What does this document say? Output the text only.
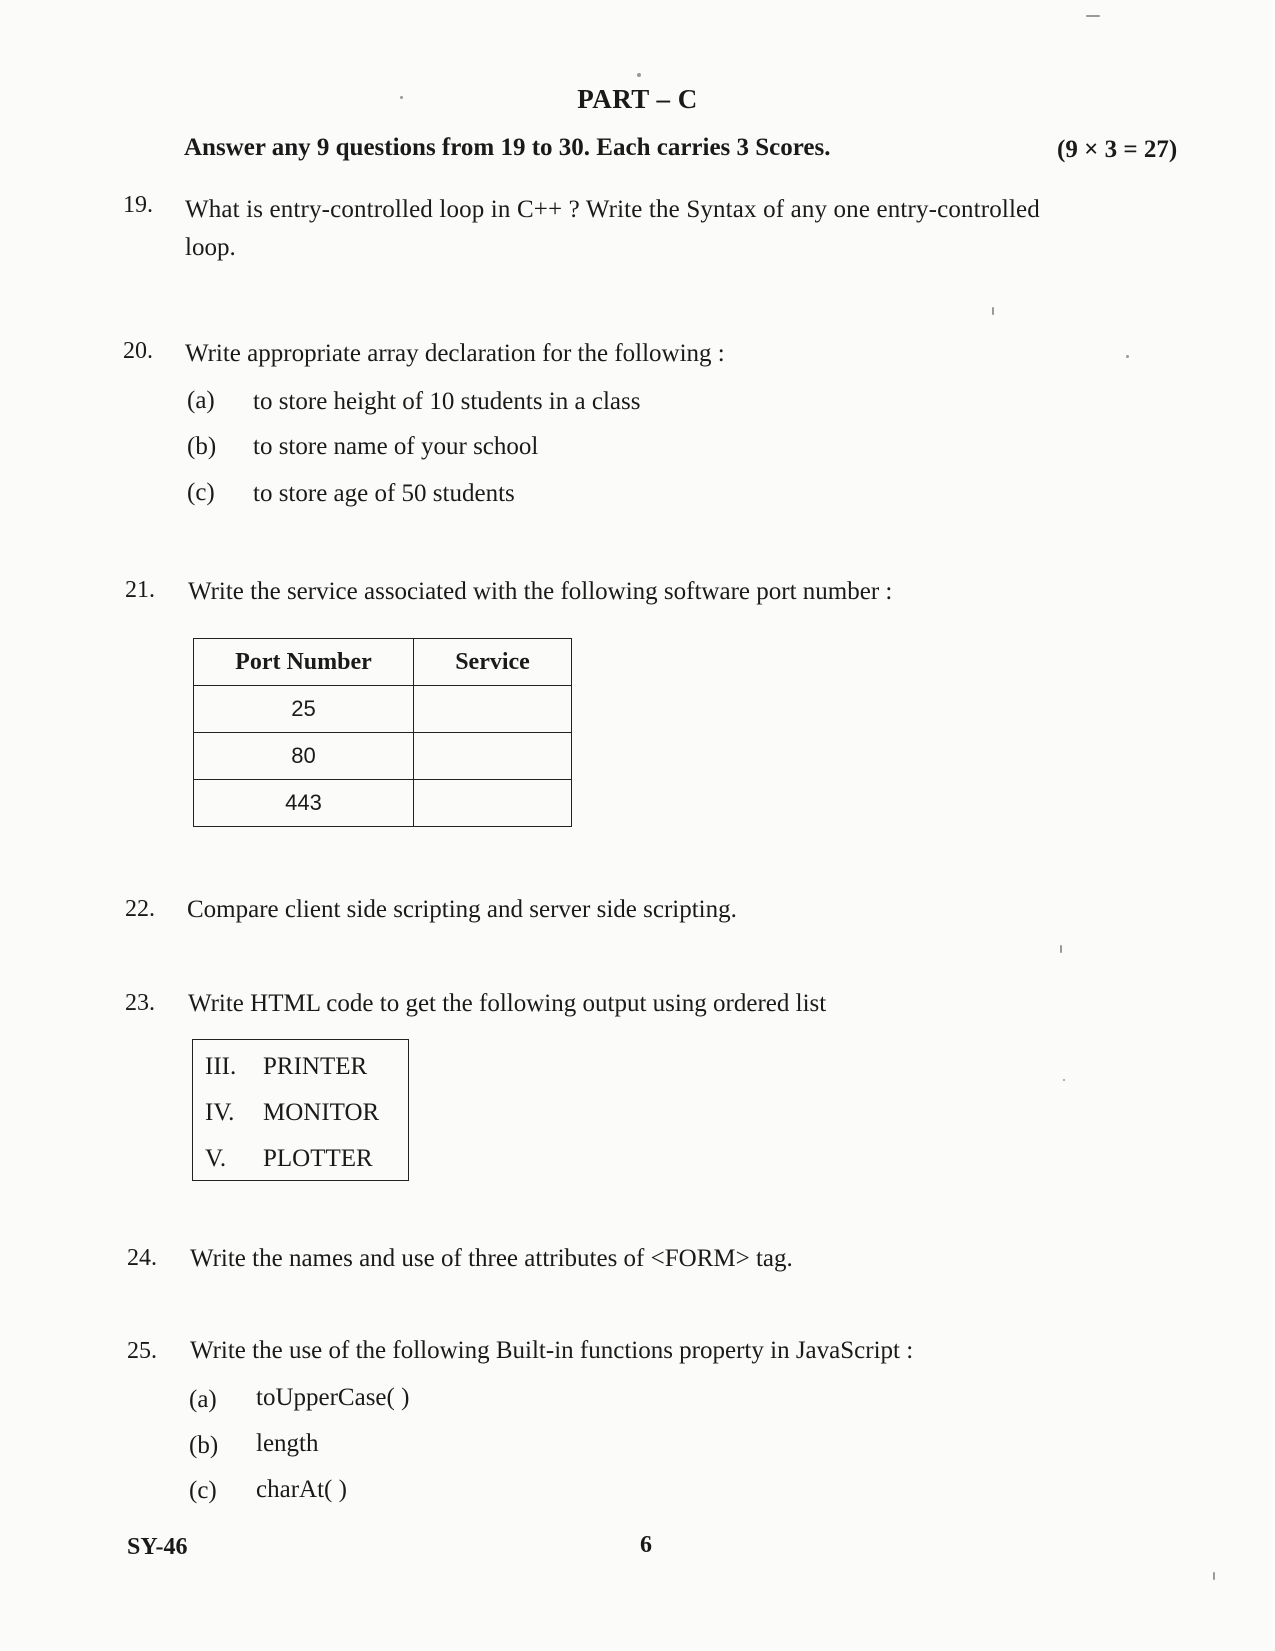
PART – C
Answer any 9 questions from 19 to 30. Each carries 3 Scores.	(9 × 3 = 27)
19. What is entry-controlled loop in C++ ? Write the Syntax of any one entry-controlled
loop.
20. Write appropriate array declaration for the following :
(a) to store height of 10 students in a class
(b) to store name of your school
(c) to store age of 50 students
21. Write the service associated with the following software port number :
Port Number	Service
25	
80	
443	
22. Compare client side scripting and server side scripting.
23. Write HTML code to get the following output using ordered list
III. PRINTER
IV. MONITOR
V. PLOTTER
24. Write the names and use of three attributes of <FORM> tag.
25. Write the use of the following Built-in functions property in JavaScript :
(a) toUpperCase( )
(b) length
(c) charAt( )
SY-46	6
